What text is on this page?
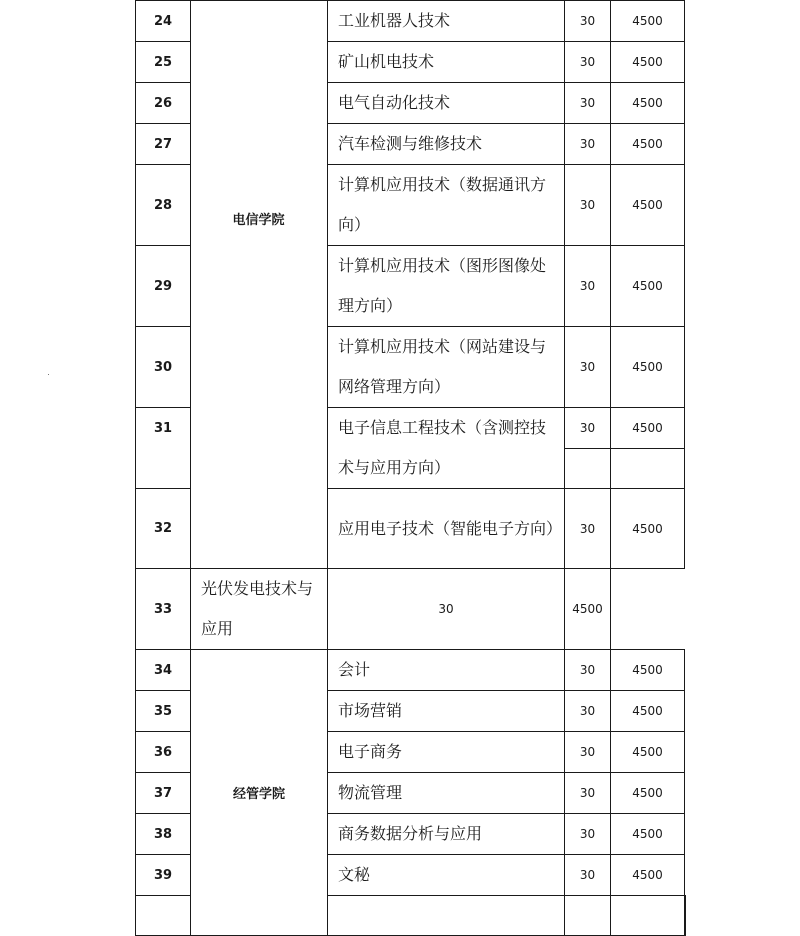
24		工业机器人技术	30	4500	
25		矿山机电技术	30	4500	
26		电气自动化技术	30	4500	
27		汽车检测与维修技术	30	4500	
28		计算机应用技术（数据通讯方向）	30	4500	
29		计算机应用技术（图形图像处理方向）	30	4500	
30		计算机应用技术（网站建设与网络管理方向）	30	4500	
31		电子信息工程技术（含测控技术与应用方向）	30	4500	

32		应用电子技术（智能电子方向）	30	4500	
33	光伏发电技术与应用	30	4500		
34	经管学院	会计	30	4500	
35		市场营销	30	4500	
36		电子商务	30	4500	
37		物流管理	30	4500	
38		商务数据分析与应用	30	4500	
39		文秘	30	4500	

电信学院
